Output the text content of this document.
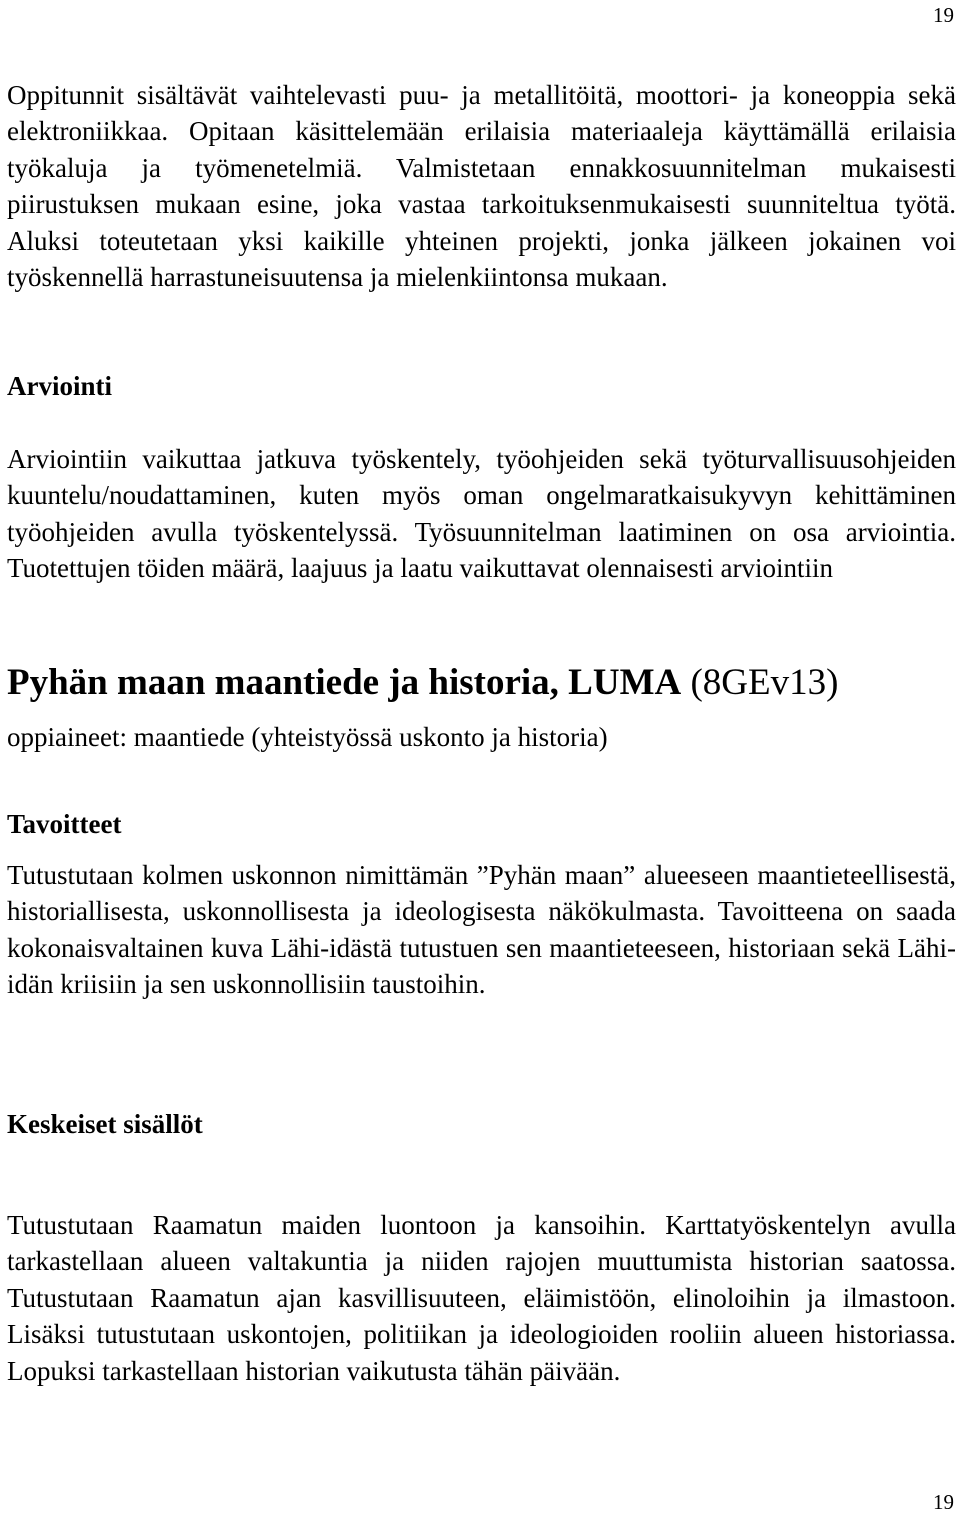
19

Oppitunnit sisältävät vaihtelevasti puu- ja metallitöitä, moottori- ja koneoppia sekä elektroniikkaa. Opitaan käsittelemään erilaisia materiaaleja käyttämällä erilaisia työkaluja ja työmenetelmiä. Valmistetaan ennakkosuunnitelman mukaisesti piirustuksen mukaan esine, joka vastaa tarkoituksenmukaisesti suunniteltua työtä. Aluksi toteutetaan yksi kaikille yhteinen projekti, jonka jälkeen jokainen voi työskennellä harrastuneisuutensa ja mielenkiintonsa mukaan.

Arviointi

Arviointiin vaikuttaa jatkuva työskentely, työohjeiden sekä työturvallisuusohjeiden kuuntelu/noudattaminen, kuten myös oman ongelmaratkaisukyvyn kehittäminen työohjeiden avulla työskentelyssä. Työsuunnitelman laatiminen on osa arviointia. Tuotettujen töiden määrä, laajuus ja laatu vaikuttavat olennaisesti arviointiin

Pyhän maan maantiede ja historia, LUMA (8GEv13)

oppiaineet: maantiede (yhteistyössä uskonto ja historia)

Tavoitteet

Tutustutaan kolmen uskonnon nimittämän ”Pyhän maan” alueeseen maantieteellisestä, historiallisesta, uskonnollisesta ja ideologisesta näkökulmasta. Tavoitteena on saada kokonaisvaltainen kuva Lähi-idästä tutustuen sen maantieteeseen, historiaan sekä Lähi-idän kriisiin ja sen uskonnollisiin taustoihin.

Keskeiset sisällöt

Tutustutaan Raamatun maiden luontoon ja kansoihin. Karttatyöskentelyn avulla tarkastellaan alueen valtakuntia ja niiden rajojen muuttumista historian saatossa. Tutustutaan Raamatun ajan kasvillisuuteen, eläimistöön, elinoloihin ja ilmastoon. Lisäksi tutustutaan uskontojen, politiikan ja ideologioiden rooliin alueen historiassa. Lopuksi tarkastellaan historian vaikutusta tähän päivään.

19
